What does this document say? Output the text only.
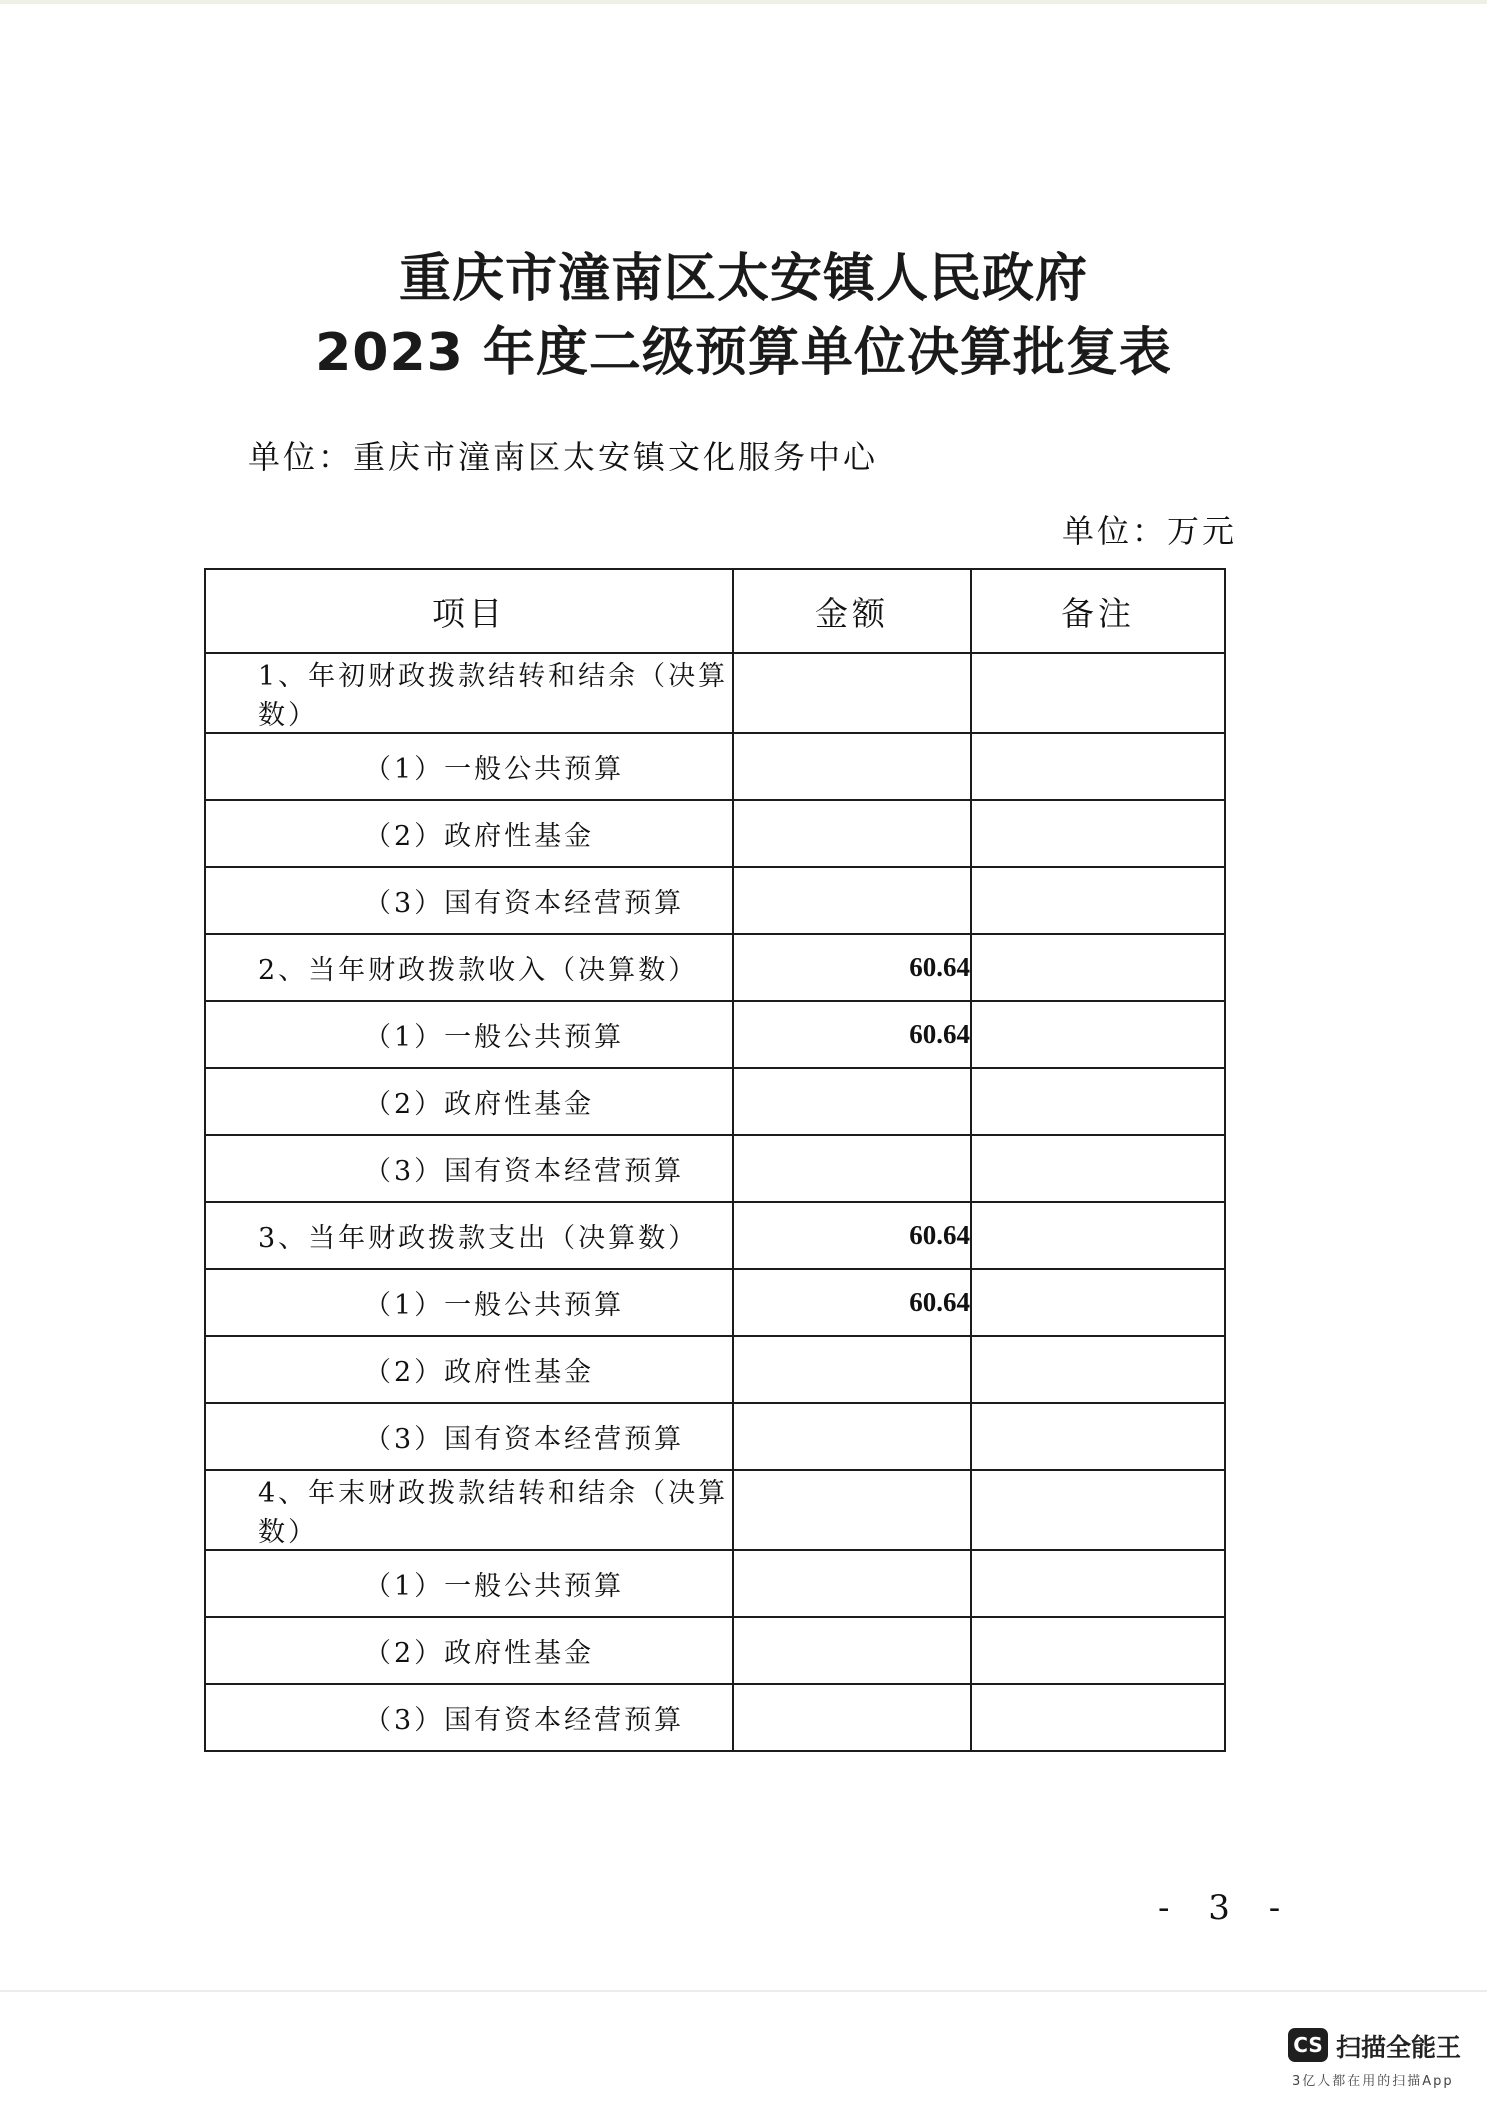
重庆市潼南区太安镇人民政府
2023 年度二级预算单位决算批复表
单位：重庆市潼南区太安镇文化服务中心
单位：万元
项目	金额	备注
1、年初财政拨款结转和结余（决算数）		
（1）一般公共预算		
（2）政府性基金		
（3）国有资本经营预算		
2、当年财政拨款收入（决算数）	60.64	
（1）一般公共预算	60.64	
（2）政府性基金		
（3）国有资本经营预算		
3、当年财政拨款支出（决算数）	60.64	
（1）一般公共预算	60.64	
（2）政府性基金		
（3）国有资本经营预算		
4、年末财政拨款结转和结余（决算数）		
（1）一般公共预算		
（2）政府性基金		
（3）国有资本经营预算		
- 3 -
CS 扫描全能王
3亿人都在用的扫描App
